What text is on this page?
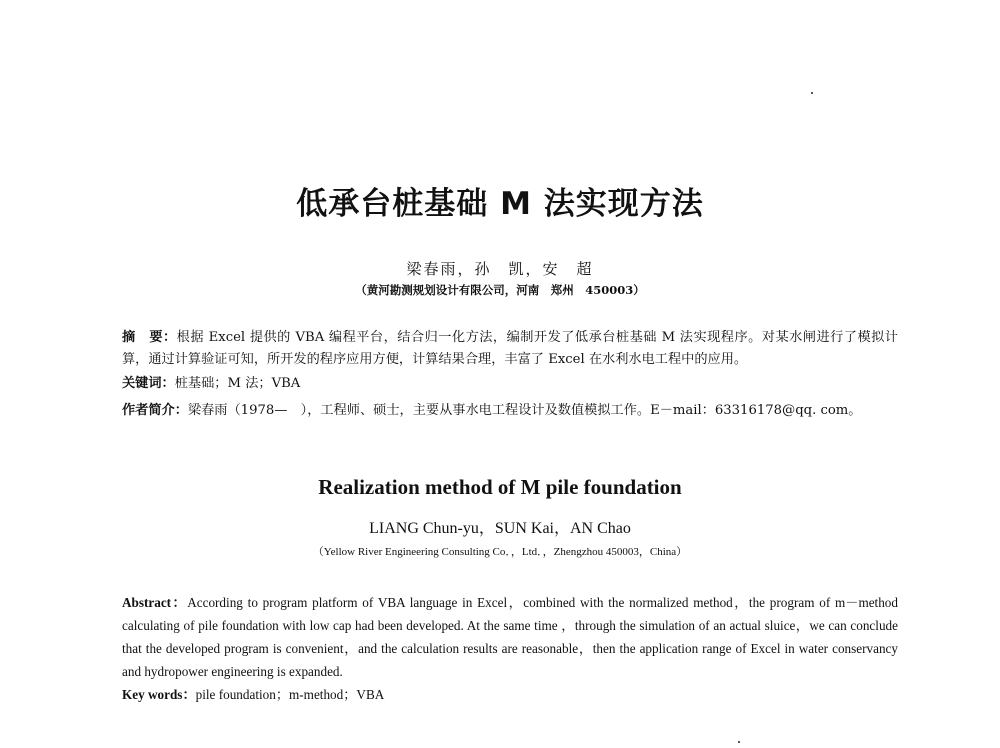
低承台桩基础 M 法实现方法
梁春雨，孙　凯，安　超
（黄河勘测规划设计有限公司，河南　郑州　450003）
摘　要：根据 Excel 提供的 VBA 编程平台，结合归一化方法，编制开发了低承台桩基础 M 法实现程序。对某水闸进行了模拟计算，通过计算验证可知，所开发的程序应用方便，计算结果合理，丰富了 Excel 在水利水电工程中的应用。
关键词：桩基础；M 法；VBA
作者简介：梁春雨（1978—　），工程师、硕士，主要从事水电工程设计及数值模拟工作。E－mail：63316178@qq. com。
Realization method of M pile foundation
LIANG Chun-yu，SUN Kai，AN Chao
（Yellow River Engineering Consulting Co．，Ltd．，Zhengzhou 450003，China）
Abstract：According to program platform of VBA language in Excel，combined with the normalized method，the program of m－method calculating of pile foundation with low cap had been developed. At the same time ，through the simulation of an actual sluice，we can conclude that the developed program is convenient，and the calculation results are reasonable，then the application range of Excel in water conservancy and hydropower engineering is expanded.
Key words：pile foundation；m-method；VBA
